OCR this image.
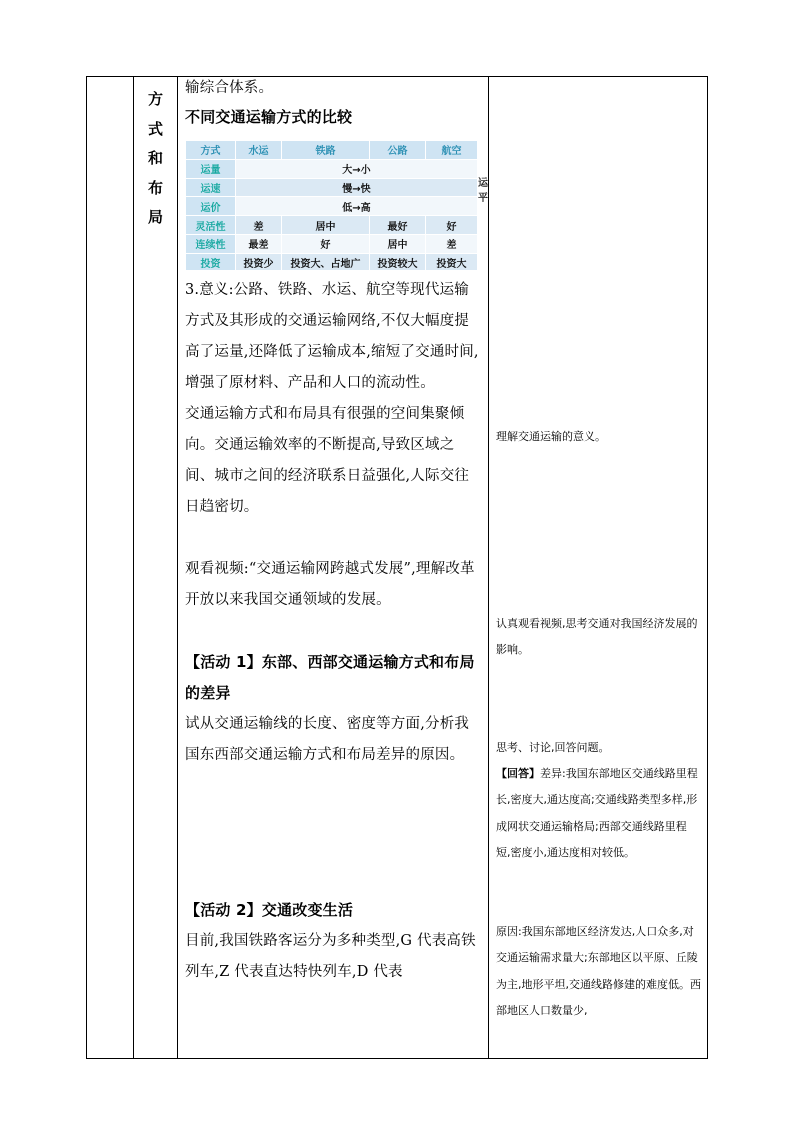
方
式
和
布
局

输综合体系。

不同交通运输方式的比较

3.意义:公路、铁路、水运、航空等现代运输方式及其形成的交通运输网络,不仅大幅度提高了运量,还降低了运输成本,缩短了交通时间,增强了原材料、产品和人口的流动性。

交通运输方式和布局具有很强的空间集聚倾向。交通运输效率的不断提高,导致区域之间、城市之间的经济联系日益强化,人际交往日趋密切。

观看视频:“交通运输网跨越式发展”,理解改革开放以来我国交通领域的发展。

【活动 1】东部、西部交通运输方式和布局的差异

试从交通运输线的长度、密度等方面,分析我国东西部交通运输方式和布局差异的原因。

【活动 2】交通改变生活

目前,我国铁路客运分为多种类型,G 代表高铁列车,Z 代表直达特快列车,D 代表

方式	水运	铁路	公路	航空
运量	大→小			
运速	慢→快			
运价	低→高			
灵活性	差	居中	最好	好
连续性	最差	好	居中	差
投资	投资少	投资大、占地广	投资较大	投资大
运
平

理解交通运输的意义。

认真观看视频,思考交通对我国经济发展的影响。

思考、讨论,回答问题。

【回答】差异:我国东部地区交通线路里程长,密度大,通达度高;交通线路类型多样,形成网状交通运输格局;西部交通线路里程短,密度小,通达度相对较低。

原因:我国东部地区经济发达,人口众多,对交通运输需求量大;东部地区以平原、丘陵为主,地形平坦,交通线路修建的难度低。西部地区人口数量少,
